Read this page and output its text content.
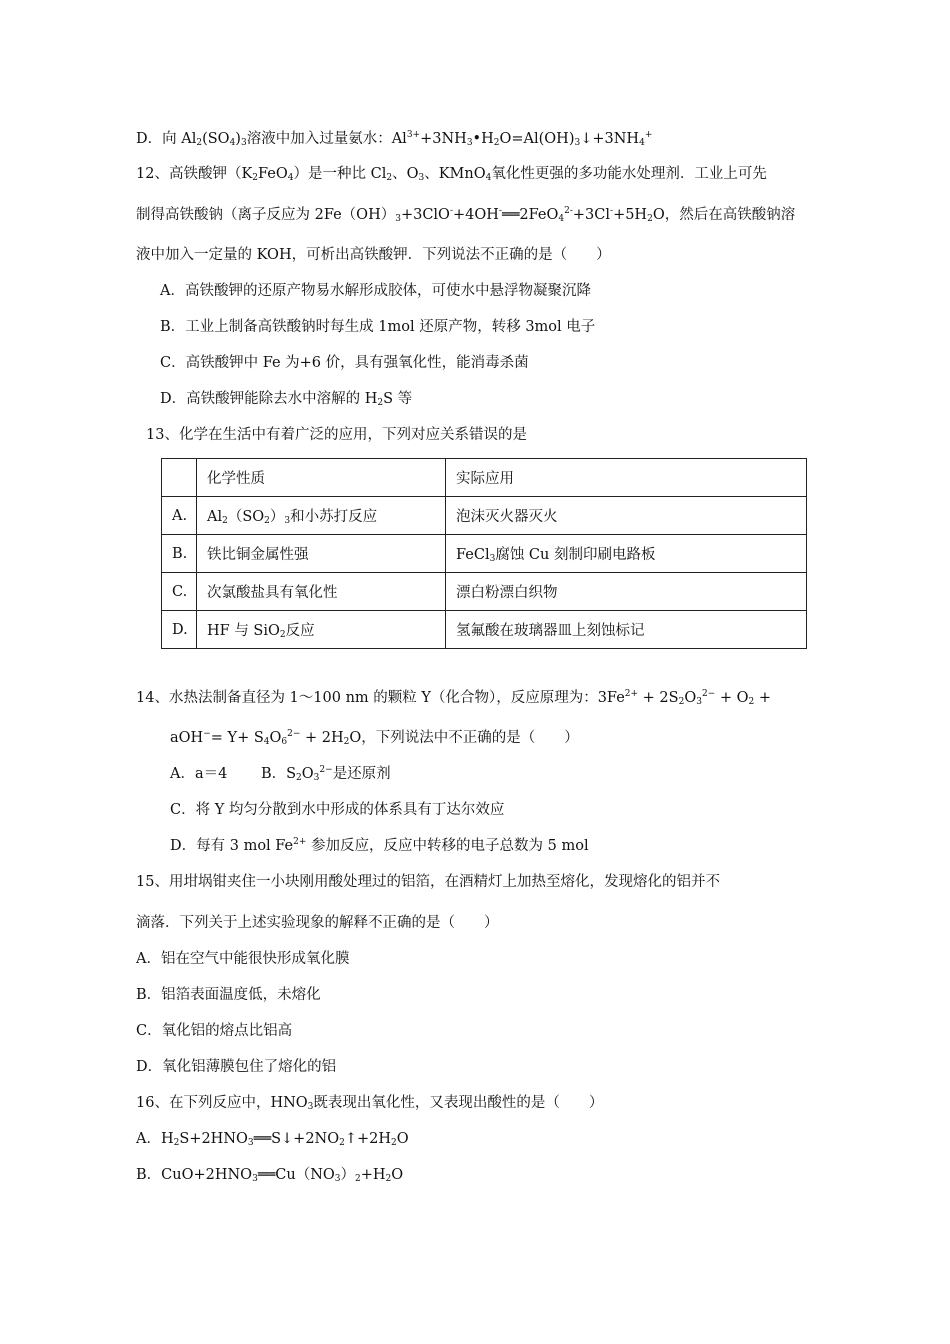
D．向 $Al_2(SO_4)_3$溶液中加入过量氨水：$Al^{3+}+3NH_3•H_2O=Al(OH)_3↓+3NH_4^+$
12、高铁酸钾$(K_2FeO_4)$是一种比 $Cl_2$、$O_3$、KMnO$_4$氧化性更强的多功能水处理剂．工业上可先
制得高铁酸钠（离子反应为 $2Fe(OH)_3+3ClO^-+4OH^-══2FeO_4^{2-}+3Cl^-+5H_2O$，然后在高铁酸钠溶
液中加入一定量的 KOH，可析出高铁酸钾．下列说法不正确的是（　　）
A．高铁酸钾的还原产物易水解形成胶体，可使水中悬浮物凝聚沉降
B．工业上制备高铁酸钠时每生成 1mol 还原产物，转移 3mol 电子
C．高铁酸钾中 Fe 为+6 价，具有强氧化性，能消毒杀菌
D．高铁酸钾能除去水中溶解的 $H_2S$ 等
13、化学在生活中有着广泛的应用，下列对应关系错误的是
	化学性质	实际应用
A.	$Al_2(SO_2)_3$和小苏打反应	泡沫灭火器灭火
B.	铁比铜金属性强	FeCl$_3$腐蚀 Cu 刻制印刷电路板
C.	次氯酸盐具有氧化性	漂白粉漂白织物
D.	HF 与 SiO$_2$反应	氢氟酸在玻璃器皿上刻蚀标记
14、水热法制备直径为 1～100 nm 的颗粒 Y（化合物），反应原理为：$3Fe^{2+} + 2S_2O_3^{2-} + O_2$ +
$aOH^-= Y+ S_4O_6^{2-} + 2H_2O$，下列说法中不正确的是（　　）
A．a＝4　　 B．$S_2O_3^{2-}$是还原剂
C．将 Y 均匀分散到水中形成的体系具有丁达尔效应
D．每有 3 mol $Fe^{2+}$ 参加反应，反应中转移的电子总数为 5 mol
15、用坩埚钳夹住一小块刚用酸处理过的铝箔，在酒精灯上加热至熔化，发现熔化的铝并不
滴落．下列关于上述实验现象的解释不正确的是（　　）
A．铝在空气中能很快形成氧化膜
B．铝箔表面温度低，未熔化
C．氧化铝的熔点比铝高
D．氧化铝薄膜包住了熔化的铝
16、在下列反应中，$HNO_3$既表现出氧化性，又表现出酸性的是（　　）
A．$H_2S+2HNO_3══S↓+2NO_2↑+2H_2O$
B．$CuO+2HNO_3══Cu(NO_3)_2+H_2O$
